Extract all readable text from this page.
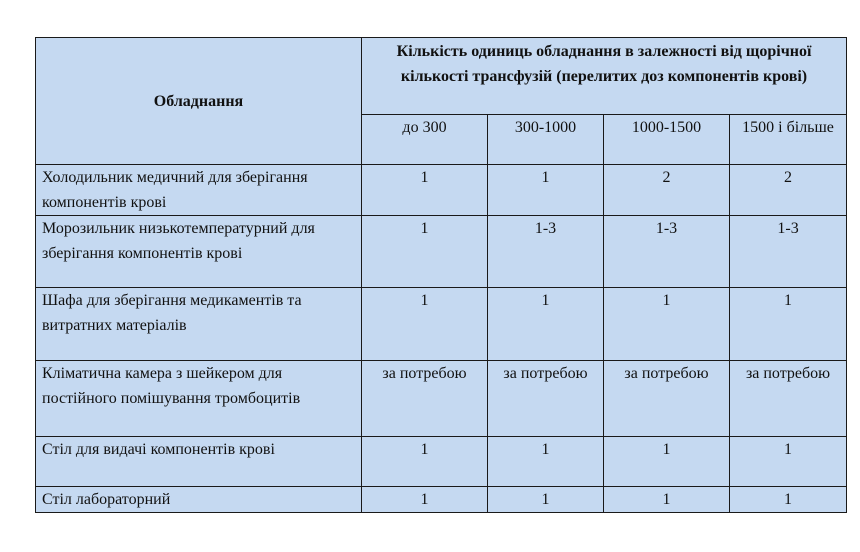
Обладнання	Кількість одиниць обладнання в залежності від щорічної кількості трансфузій (перелитих доз компонентів крові)			
	до 300	300-1000	1000-1500	1500 і більше
Холодильник медичний для зберігання компонентів крові	1	1	2	2
Морозильник низькотемпературний для зберігання компонентів крові	1	1-3	1-3	1-3
Шафа для зберігання медикаментів та витратних матеріалів	1	1	1	1
Кліматична камера з шейкером для постійного помішування тромбоцитів	за потребою	за потребою	за потребою	за потребою
Стіл для видачі компонентів крові	1	1	1	1
Стіл лабораторний	1	1	1	1
